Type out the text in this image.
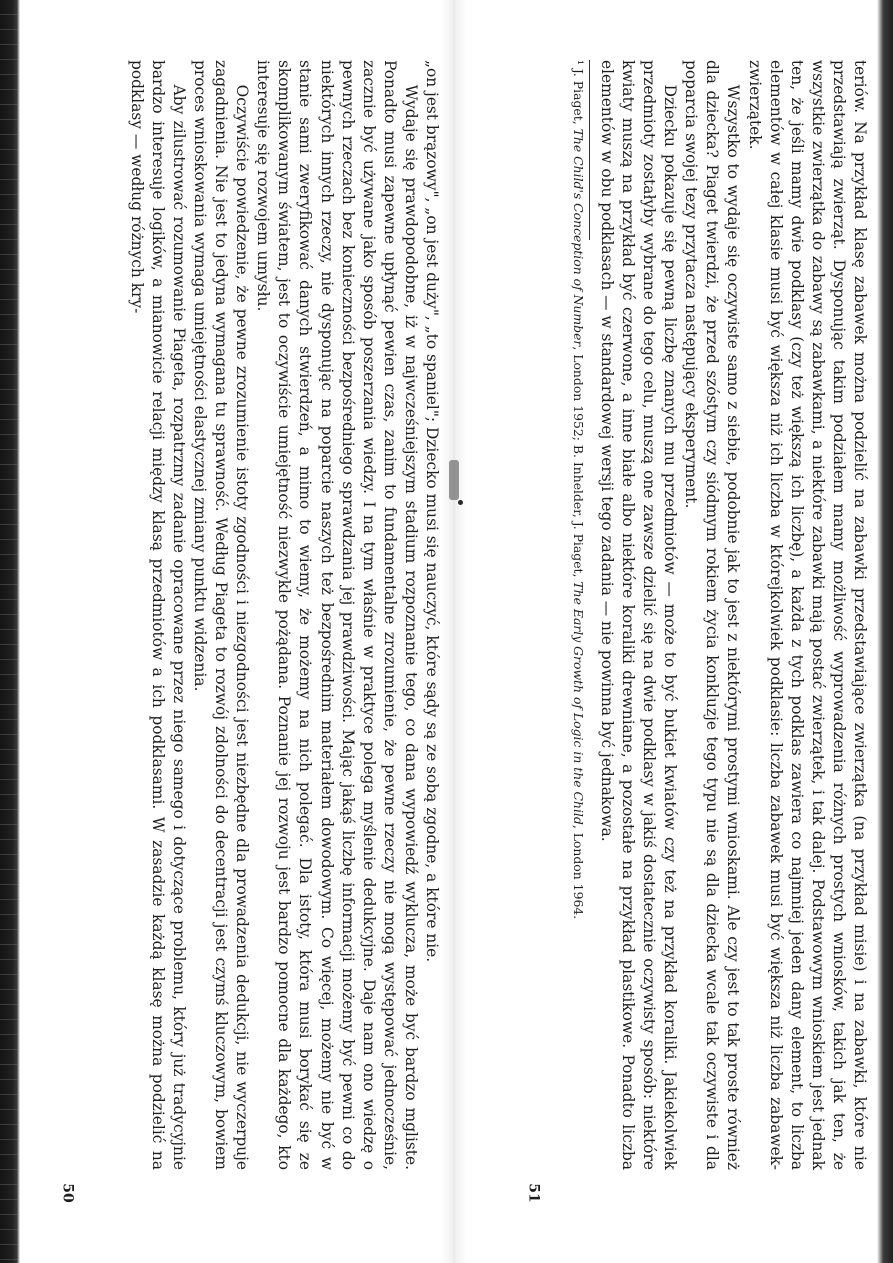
„on jest brązowy", „on jest duży", „to spaniel"; Dziecko musi się nauczyć, które sądy są ze sobą zgodne, a które nie.

Wydaje się prawdopodobne, iż w najwcześniejszym stadium rozpoznanie tego, co dana wypowiedź wyklucza, może być bardzo mgliste. Ponadto musi zapewne upłynąć pewien czas, zanim to fundamentalne zrozumienie, że pewne rzeczy nie mogą występować jednocześnie, zacznie być używane jako sposób poszerzania wiedzy. I na tym właśnie w praktyce polega myślenie dedukcyjne. Daje nam ono wiedzę o pewnych rzeczach bez konieczności bezpośredniego sprawdzania jej prawdziwości. Mając jakąś liczbę informacji możemy być pewni co do niektórych innych rzeczy, nie dysponując na poparcie naszych też bezpośrednim materiałem dowodowym. Co więcej, możemy nie być w stanie sami zweryfikować danych stwierdzeń, a mimo to wiemy, że możemy na nich polegać. Dla istoty, która musi borykać się ze skomplikowanym światem, jest to oczywiście umiejętność niezwykle pożądana. Poznanie jej rozwoju jest bardzo pomocne dla każdego, kto interesuje się rozwojem umysłu.

Oczywiście powiedzenie, że pewne zrozumienie istoty zgodności i niezgodności jest niezbędne dla prowadzenia dedukcji, nie wyczerpuje zagadnienia. Nie jest to jedyna wymagana tu sprawność. Według Piageta to rozwój zdolności do decentracji jest czymś kluczowym, bowiem proces wnioskowania wymaga umiejętności elastycznej zmiany punktu widzenia.

Aby zilustrować rozumowanie Piageta, rozpatrzmy zadanie opracowane przez niego samego i dotyczące problemu, który już tradycyjnie bardzo interesuje logików, a mianowicie relacji między klasą przedmiotów a ich podklasami. W zasadzie każdą klasę można podzielić na podklasy — według różnych kry-

50

teriów. Na przykład klasę zabawek można podzielić na zabawki przedstawiające zwierzątka (na przykład misie) i na zabawki, które nie przedstawiają zwierząt. Dysponując takim podziałem mamy możliwość wyprowadzenia różnych prostych wniosków, takich jak ten, że wszystkie zwierzątka do zabawy są zabawkami, a niektóre zabawki mają postać zwierzątek, i tak dalej. Podstawowym wnioskiem jest jednak ten, że jeśli mamy dwie podklasy (czy też większą ich liczbę), a każda z tych podklas zawiera co najmniej jeden dany element, to liczba elementów w całej klasie musi być większa niż ich liczba w którejkolwiek podklasie: liczba zabawek musi być większa niż liczba zabawek-zwierzątek.

Wszystko to wydaje się oczywiste samo z siebie, podobnie jak to jest z niektórymi prostymi wnioskami. Ale czy jest to tak proste również dla dziecka? Piaget twierdzi, że przed szóstym czy siódmym rokiem życia konkluzje tego typu nie są dla dziecka wcale tak oczywiste i dla poparcia swojej tezy przytacza następujący eksperyment.

Dziecku pokazuje się pewną liczbę znanych mu przedmiotów — może to być bukiet kwiatów czy też na przykład koraliki. Jakiekolwiek przedmioty zostałyby wybrane do tego celu, muszą one zawsze dzielić się na dwie podklasy w jakiś dostatecznie oczywisty sposób: niektóre kwiaty muszą na przykład być czerwone, a inne białe albo niektóre koraliki drewniane, a pozostałe na przykład plastikowe. Ponadto liczba elementów w obu podklasach — w standardowej wersji tego zadania — nie powinna być jednakowa.

¹ J. Piaget, The Child's Conception of Number, London 1952; B. Inhelder, J. Piaget, The Early Growth of Logic in the Child, London 1964.

51
